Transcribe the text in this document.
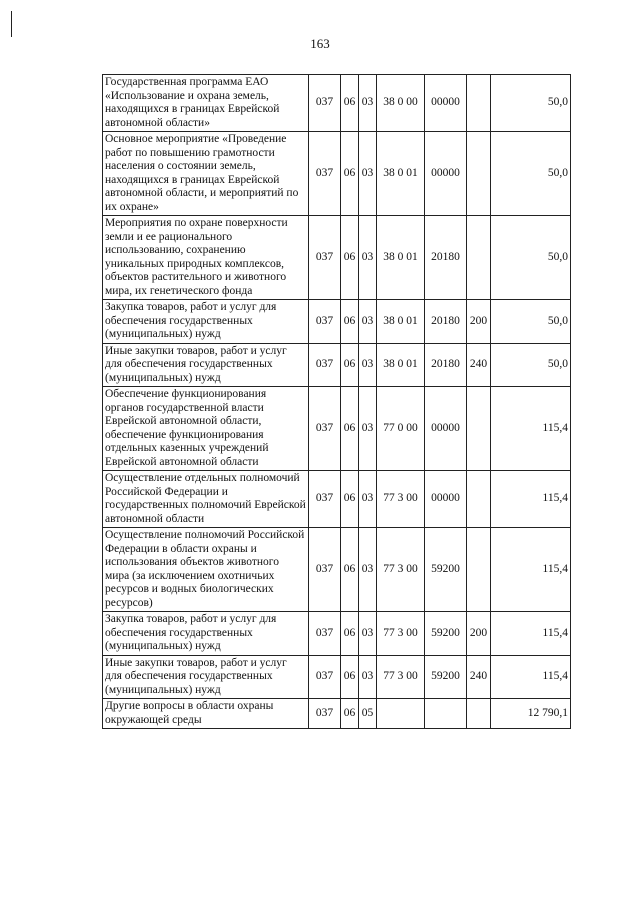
163
Государственная программа ЕАО «Использование и охрана земель, находящихся в границах Еврейской автономной области»	037	06	03	38 0 00	00000		50,0
Основное мероприятие «Проведение работ по повышению грамотности населения о состоянии земель, находящихся в границах Еврейской автономной области, и мероприятий по их охране»	037	06	03	38 0 01	00000		50,0
Мероприятия по охране поверхности земли и ее рационального использованию, сохранению уникальных природных комплексов, объектов растительного и животного мира, их генетического фонда	037	06	03	38 0 01	20180		50,0
Закупка товаров, работ и услуг для обеспечения государственных (муниципальных) нужд	037	06	03	38 0 01	20180	200	50,0
Иные закупки товаров, работ и услуг для обеспечения государственных (муниципальных) нужд	037	06	03	38 0 01	20180	240	50,0
Обеспечение функционирования органов государственной власти Еврейской автономной области, обеспечение функционирования отдельных казенных учреждений Еврейской автономной области	037	06	03	77 0 00	00000		115,4
Осуществление отдельных полномочий Российской Федерации и государственных полномочий Еврейской автономной области	037	06	03	77 3 00	00000		115,4
Осуществление полномочий Российской Федерации в области охраны и использования объектов животного мира (за исключением охотничьих ресурсов и водных биологических ресурсов)	037	06	03	77 3 00	59200		115,4
Закупка товаров, работ и услуг для обеспечения государственных (муниципальных) нужд	037	06	03	77 3 00	59200	200	115,4
Иные закупки товаров, работ и услуг для обеспечения государственных (муниципальных) нужд	037	06	03	77 3 00	59200	240	115,4
Другие вопросы в области охраны окружающей среды	037	06	05				12 790,1
